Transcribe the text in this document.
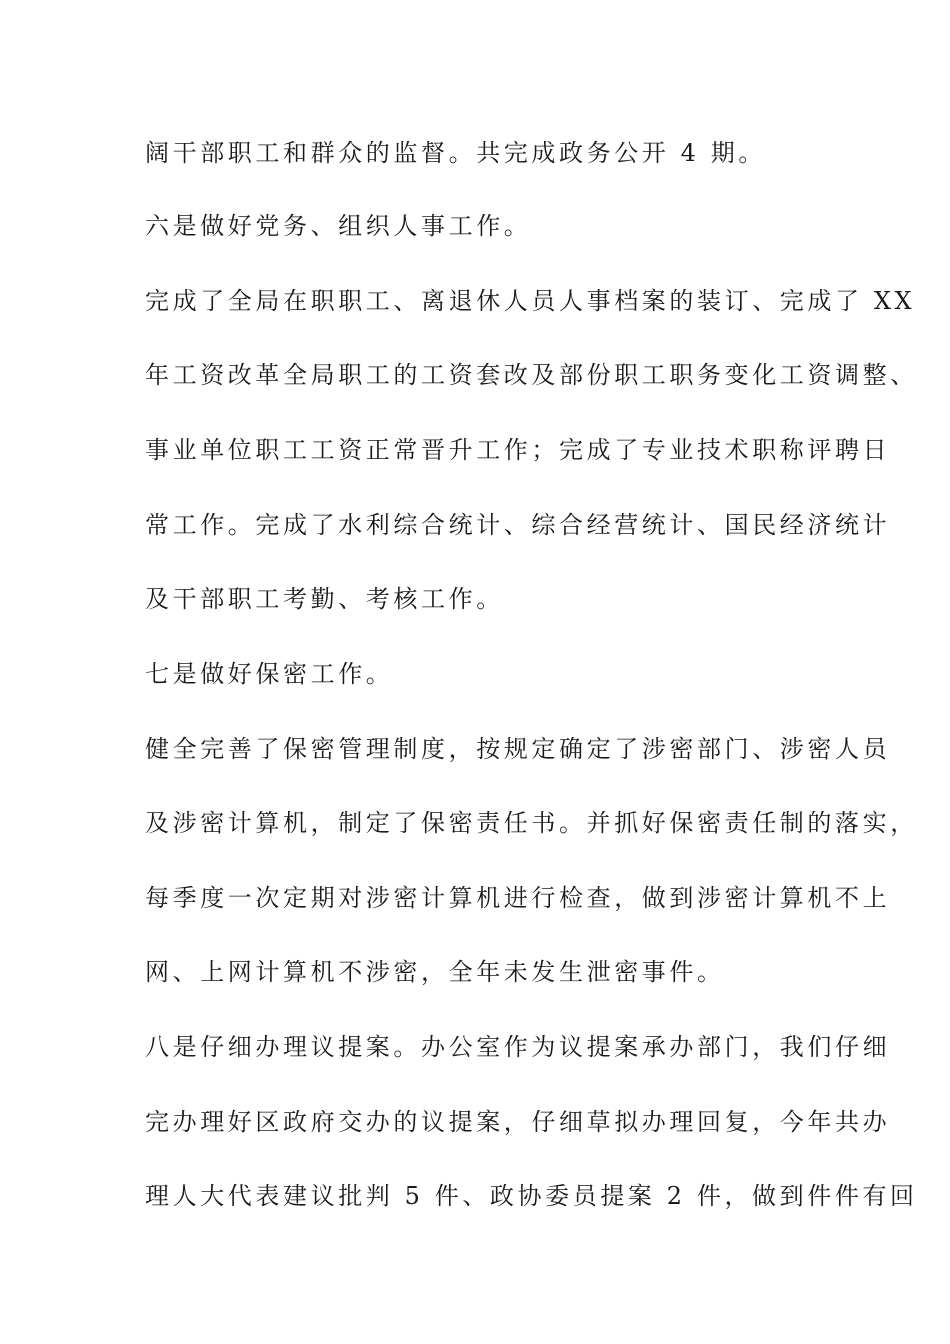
阔干部职工和群众的监督。共完成政务公开 4 期。
六是做好党务、组织人事工作。
完成了全局在职职工、离退休人员人事档案的装订、完成了 XX
年工资改革全局职工的工资套改及部份职工职务变化工资调整、
事业单位职工工资正常晋升工作；完成了专业技术职称评聘日
常工作。完成了水利综合统计、综合经营统计、国民经济统计
及干部职工考勤、考核工作。
七是做好保密工作。
健全完善了保密管理制度，按规定确定了涉密部门、涉密人员
及涉密计算机，制定了保密责任书。并抓好保密责任制的落实，
每季度一次定期对涉密计算机进行检查，做到涉密计算机不上
网、上网计算机不涉密，全年未发生泄密事件。
八是仔细办理议提案。办公室作为议提案承办部门，我们仔细
完办理好区政府交办的议提案，仔细草拟办理回复，今年共办
理人大代表建议批判 5 件、政协委员提案 2 件，做到件件有回
